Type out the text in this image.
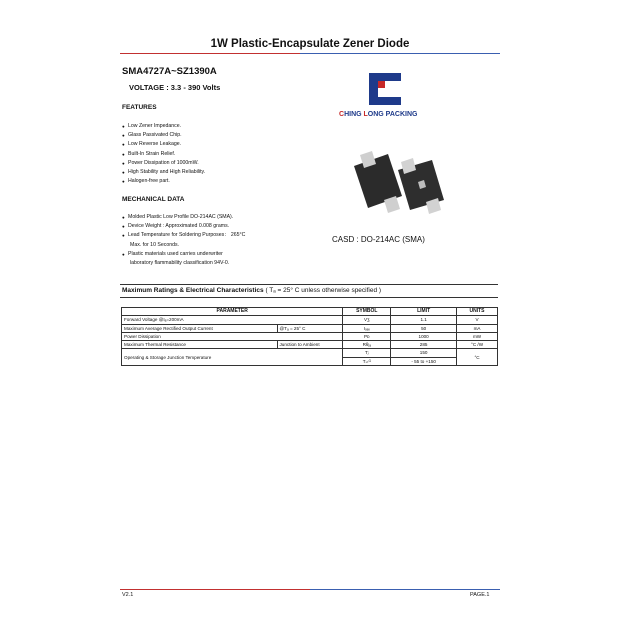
1W Plastic-Encapsulate Zener Diode
SMA4727A~SZ1390A
VOLTAGE : 3.3 - 390 Volts
FEATURES
● Low Zener Impedance.
● Glass Passivated Chip.
● Low Reverse Leakage.
● Built-In Strain Relief.
● Power Dissipation of 1000mW.
● High Stability and High Reliability.
● Halogen-free part.
MECHANICAL DATA
● Molded Plastic Low Profile DO-214AC (SMA).
● Device Weight : Approximated 0.008 grams.
● Lead Temperature for Soldering Purposes： 265°C
Max. for 10 Seconds.
● Plastic materials used carries underwriter
laboratory flammability classification 94V-0.
CHING LONG PACKING
CASD : DO-214AC (SMA)
Maximum Ratings & Electrical Characteristics ( Tₐ = 25° C unless otherwise specified )
PARAMETER		SYMBOL	LIMIT	UNITS
Forward Voltage @Iₐ=200mA		Vʒ	1.1	V
Maximum Average Rectified Output Current	@Tₐ = 25° C	Iₒₐᵥ	50	mA
Power Dissipation		Pᴅ	1000	mW
Maximum Thermal Resistance	Junction to Ambient	Rθⱼₐ	285	°C /W
Operating & Storage Junction Temperature		Tⱼ	150	°C
		Tₛₜᴳ	- 55 to +150	
V2.1	PAGE.1
